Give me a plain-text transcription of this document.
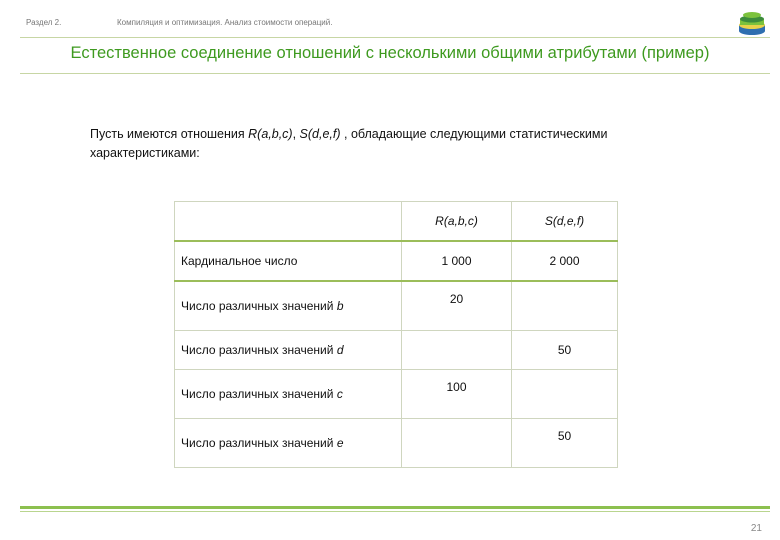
Раздел 2.	Компиляция и оптимизация. Анализ стоимости операций.
Естественное соединение отношений с несколькими общими атрибутами (пример)
Пусть имеются отношения R(a,b,c), S(d,e,f) , обладающие следующими статистическими характеристиками:
	R(a,b,c)	S(d,e,f)
Кардинальное число	1 000	2 000
Число различных значений b	20	
Число различных значений d		50
Число различных значений c	100	
Число различных значений e		50
21
